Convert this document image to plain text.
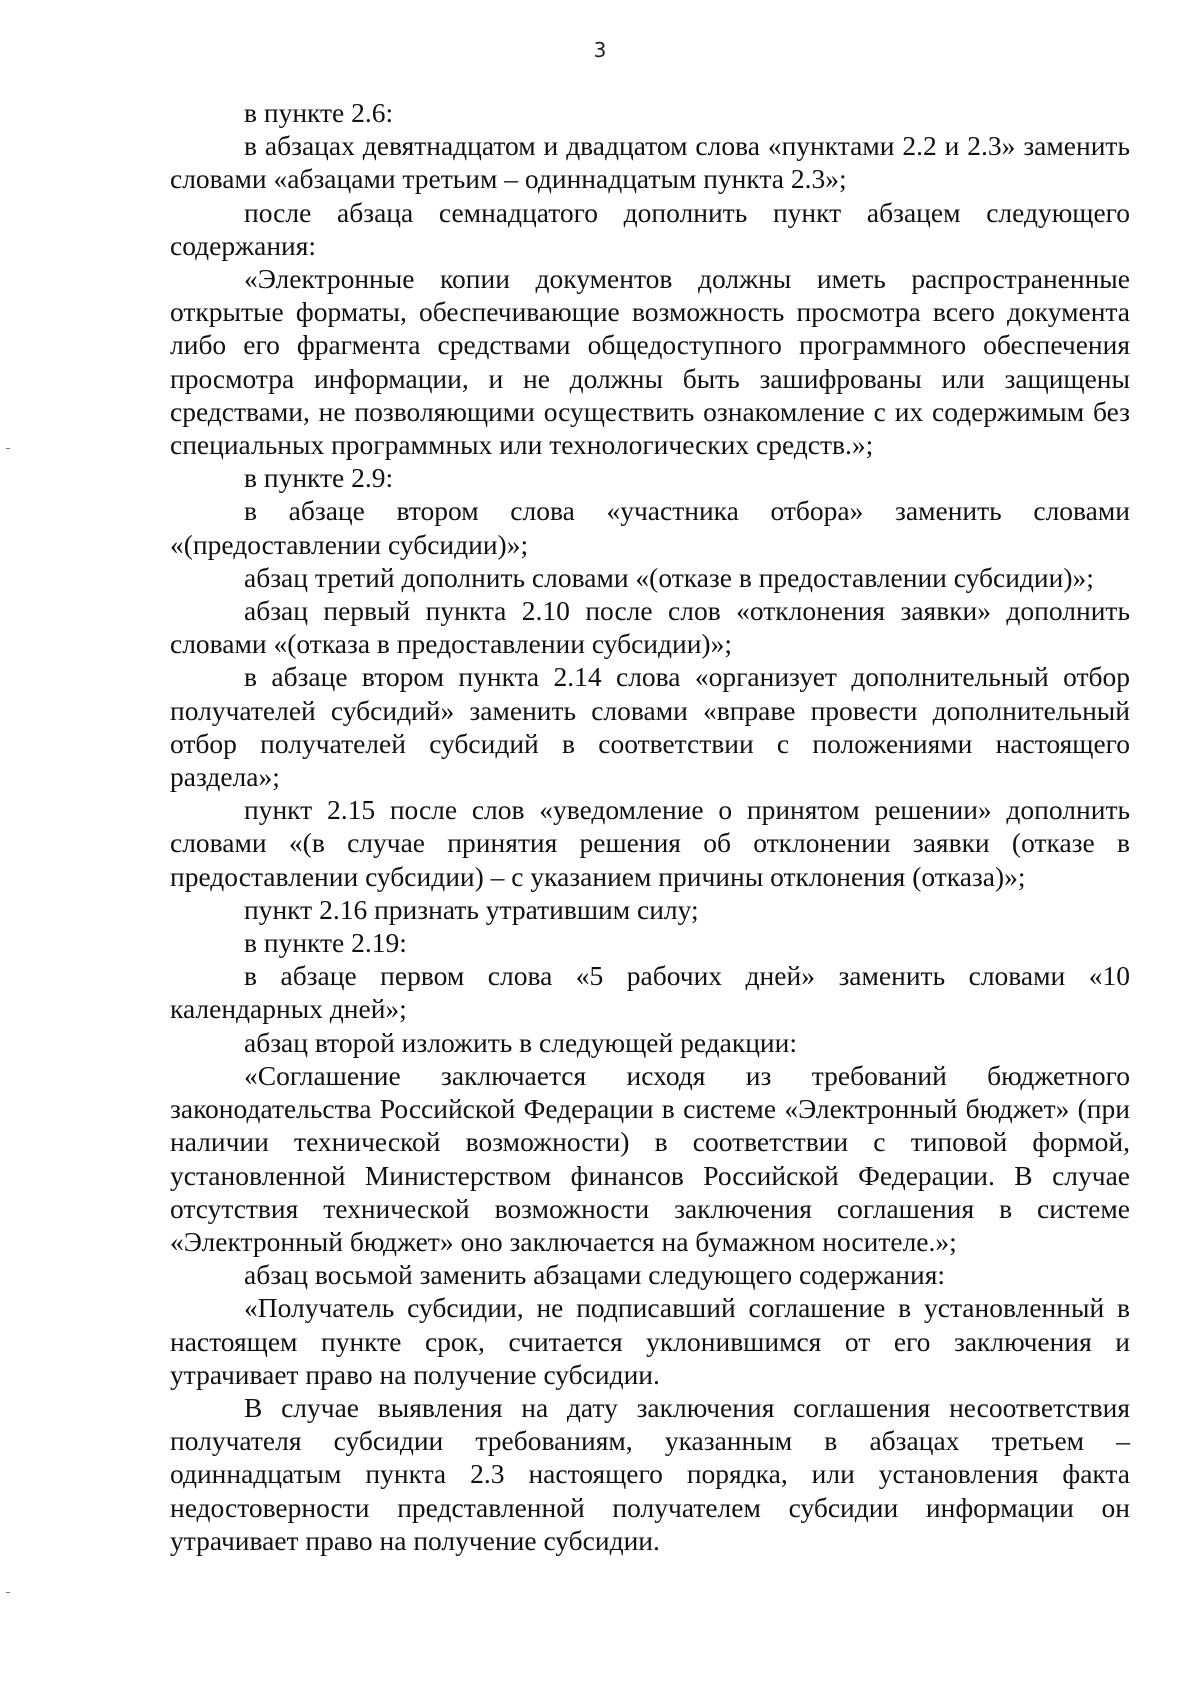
3

в пункте 2.6:

в абзацах девятнадцатом и двадцатом слова «пунктами 2.2 и 2.3» заменить словами «абзацами третьим – одиннадцатым пункта 2.3»;

после абзаца семнадцатого дополнить пункт абзацем следующего содержания:

«Электронные копии документов должны иметь распространенные открытые форматы, обеспечивающие возможность просмотра всего документа либо его фрагмента средствами общедоступного программного обеспечения просмотра информации, и не должны быть зашифрованы или защищены средствами, не позволяющими осуществить ознакомление с их содержимым без специальных программных или технологических средств.»;

в пункте 2.9:

в абзаце втором слова «участника отбора» заменить словами «(предоставлении субсидии)»;

абзац третий дополнить словами «(отказе в предоставлении субсидии)»;

абзац первый пункта 2.10 после слов «отклонения заявки» дополнить словами «(отказа в предоставлении субсидии)»;

в абзаце втором пункта 2.14 слова «организует дополнительный отбор получателей субсидий» заменить словами «вправе провести дополнительный отбор получателей субсидий в соответствии с положениями настоящего раздела»;

пункт 2.15 после слов «уведомление о принятом решении» дополнить словами «(в случае принятия решения об отклонении заявки (отказе в предоставлении субсидии) – с указанием причины отклонения (отказа)»;

пункт 2.16 признать утратившим силу;

в пункте 2.19:

в абзаце первом слова «5 рабочих дней» заменить словами «10 календарных дней»;

абзац второй изложить в следующей редакции:

«Соглашение заключается исходя из требований бюджетного законодательства Российской Федерации в системе «Электронный бюджет» (при наличии технической возможности) в соответствии с типовой формой, установленной Министерством финансов Российской Федерации. В случае отсутствия технической возможности заключения соглашения в системе «Электронный бюджет» оно заключается на бумажном носителе.»;

абзац восьмой заменить абзацами следующего содержания:

«Получатель субсидии, не подписавший соглашение в установленный в настоящем пункте срок, считается уклонившимся от его заключения и утрачивает право на получение субсидии.

В случае выявления на дату заключения соглашения несоответствия получателя субсидии требованиям, указанным в абзацах третьем – одиннадцатым пункта 2.3 настоящего порядка, или установления факта недостоверности представленной получателем субсидии информации он утрачивает право на получение субсидии.
